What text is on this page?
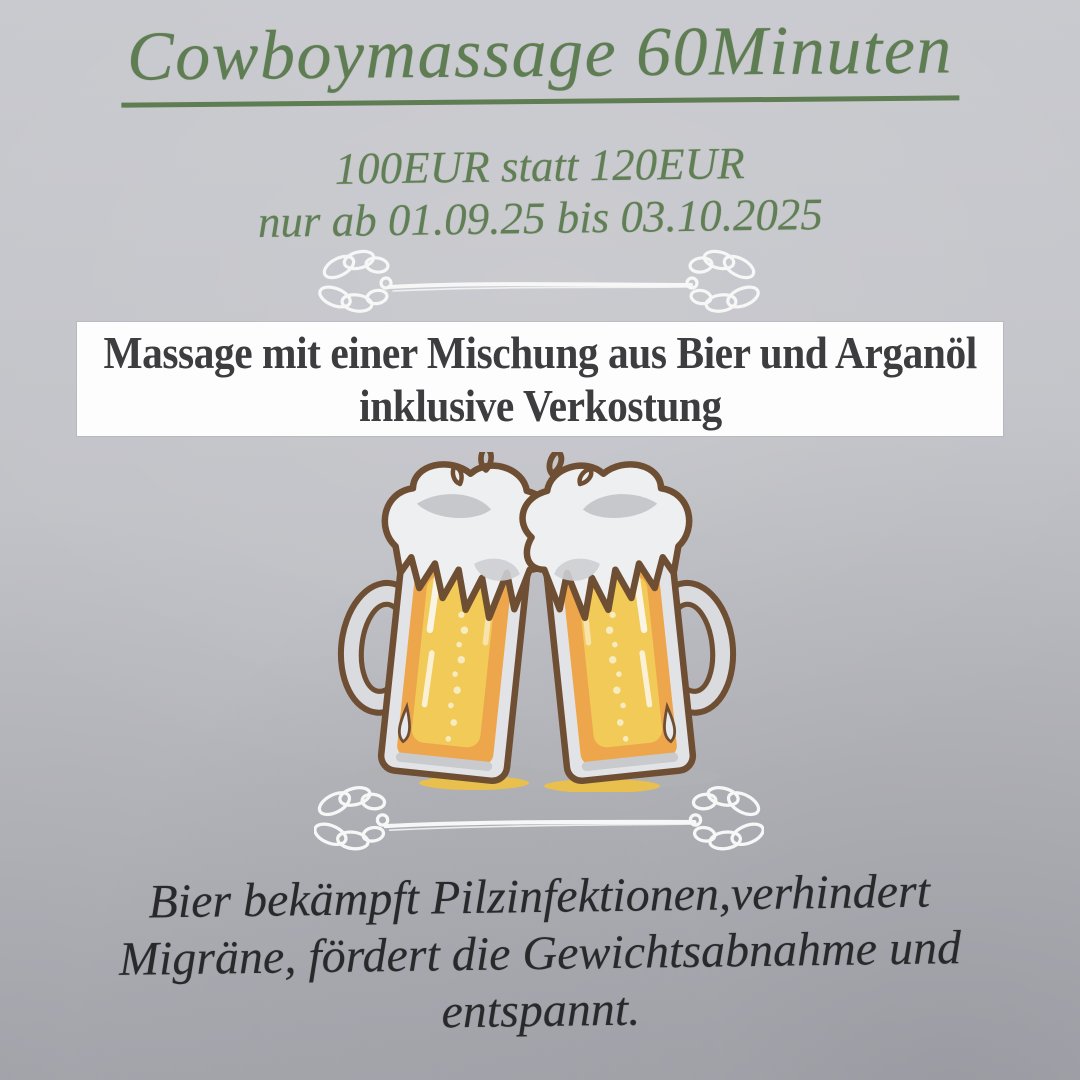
Cowboymassage 60Minuten
100EUR statt 120EUR
nur ab 01.09.25 bis 03.10.2025
Massage mit einer Mischung aus Bier und Arganöl
inklusive Verkostung
Bier bekämpft Pilzinfektionen,verhindert
Migräne, fördert die Gewichtsabnahme und
entspannt.
